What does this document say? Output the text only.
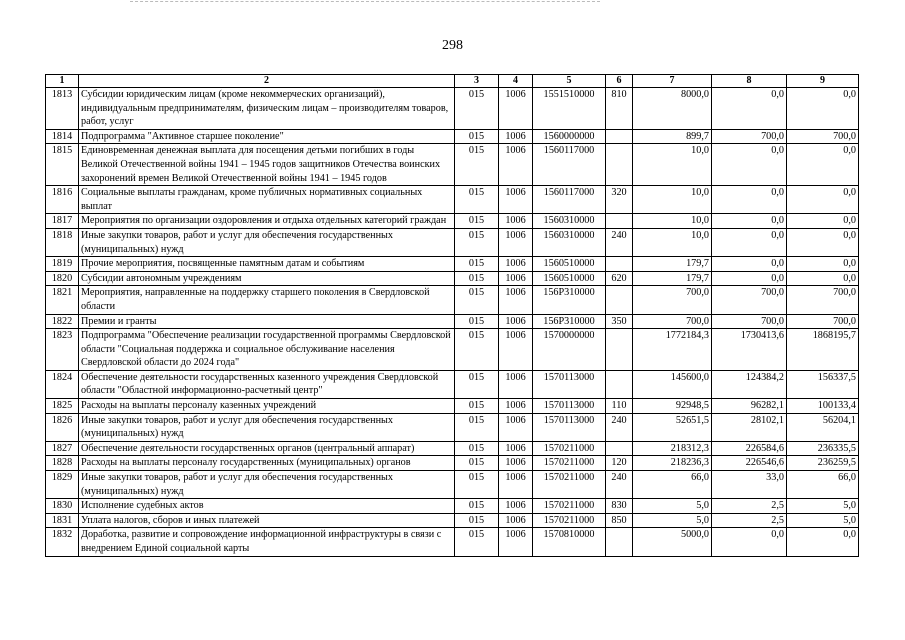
298
1	2	3	4	5	6	7	8	9
1813	Субсидии юридическим лицам (кроме некоммерческих организаций), индивидуальным предпринимателям, физическим лицам – производителям товаров, работ, услуг	015	1006	1551510000	810	8000,0	0,0	0,0
1814	Подпрограмма "Активное старшее поколение"	015	1006	1560000000		899,7	700,0	700,0
1815	Единовременная денежная выплата для посещения детьми погибших в годы Великой Отечественной войны 1941 – 1945 годов защитников Отечества воинских захоронений времен Великой Отечественной войны 1941 – 1945 годов	015	1006	1560117000		10,0	0,0	0,0
1816	Социальные выплаты гражданам, кроме публичных нормативных социальных выплат	015	1006	1560117000	320	10,0	0,0	0,0
1817	Мероприятия по организации оздоровления и отдыха отдельных категорий граждан	015	1006	1560310000		10,0	0,0	0,0
1818	Иные закупки товаров, работ и услуг для обеспечения государственных (муниципальных) нужд	015	1006	1560310000	240	10,0	0,0	0,0
1819	Прочие мероприятия, посвященные памятным датам и событиям	015	1006	1560510000		179,7	0,0	0,0
1820	Субсидии автономным учреждениям	015	1006	1560510000	620	179,7	0,0	0,0
1821	Мероприятия, направленные на поддержку старшего поколения в Свердловской области	015	1006	156P310000		700,0	700,0	700,0
1822	Премии и гранты	015	1006	156P310000	350	700,0	700,0	700,0
1823	Подпрограмма "Обеспечение реализации государственной программы Свердловской области "Социальная поддержка и социальное обслуживание населения Свердловской области до 2024 года"	015	1006	1570000000		1772184,3	1730413,6	1868195,7
1824	Обеспечение деятельности государственных казенного учреждения Свердловской области "Областной информационно-расчетный центр"	015	1006	1570113000		145600,0	124384,2	156337,5
1825	Расходы на выплаты персоналу казенных учреждений	015	1006	1570113000	110	92948,5	96282,1	100133,4
1826	Иные закупки товаров, работ и услуг для обеспечения государственных (муниципальных) нужд	015	1006	1570113000	240	52651,5	28102,1	56204,1
1827	Обеспечение деятельности государственных органов (центральный аппарат)	015	1006	1570211000		218312,3	226584,6	236335,5
1828	Расходы на выплаты персоналу государственных (муниципальных) органов	015	1006	1570211000	120	218236,3	226546,6	236259,5
1829	Иные закупки товаров, работ и услуг для обеспечения государственных (муниципальных) нужд	015	1006	1570211000	240	66,0	33,0	66,0
1830	Исполнение судебных актов	015	1006	1570211000	830	5,0	2,5	5,0
1831	Уплата налогов, сборов и иных платежей	015	1006	1570211000	850	5,0	2,5	5,0
1832	Доработка, развитие и сопровождение информационной инфраструктуры в связи с внедрением Единой социальной карты	015	1006	1570810000		5000,0	0,0	0,0
